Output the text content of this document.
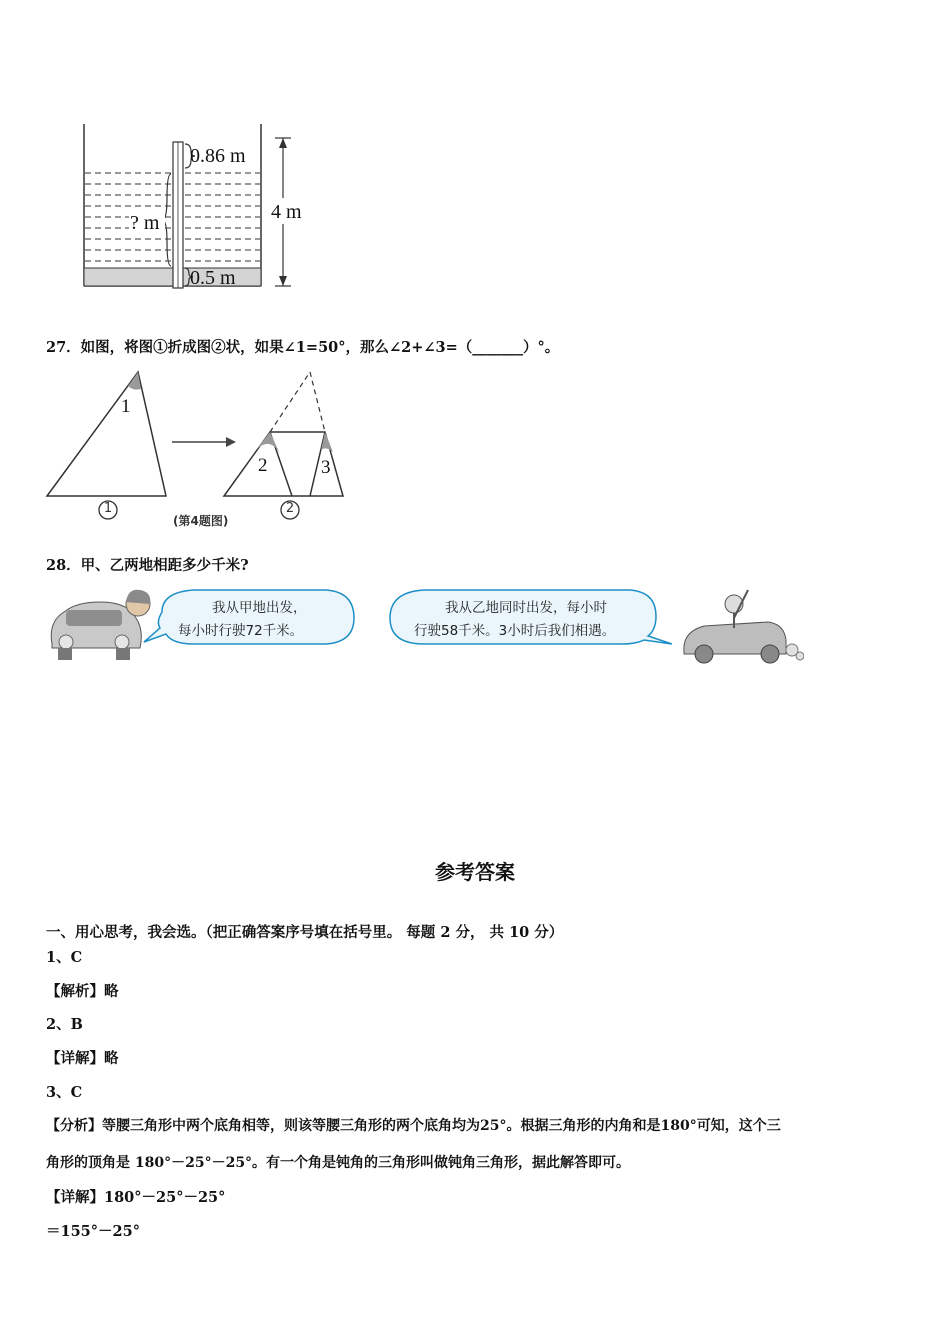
0.86 m
4 m
? m
0.5 m
27．如图，将图①折成图②状，如果∠1=50°，那么∠2+∠3=（_______）°。
1
2	3
1	2
(第4题图)
28．甲、乙两地相距多少千米?
我从甲地出发，
每小时行驶72千米。
我从乙地同时出发，每小时
行驶58千米。3小时后我们相遇。
参考答案
一、用心思考，我会选。（把正确答案序号填在括号里。 每题 2 分， 共 10 分）
1、C
【解析】略
2、B
【详解】略
3、C
【分析】等腰三角形中两个底角相等，则该等腰三角形的两个底角均为25°。根据三角形的内角和是180°可知，这个三
角形的顶角是 180°－25°－25°。有一个角是钝角的三角形叫做钝角三角形，据此解答即可。
【详解】180°－25°－25°
＝155°－25°
